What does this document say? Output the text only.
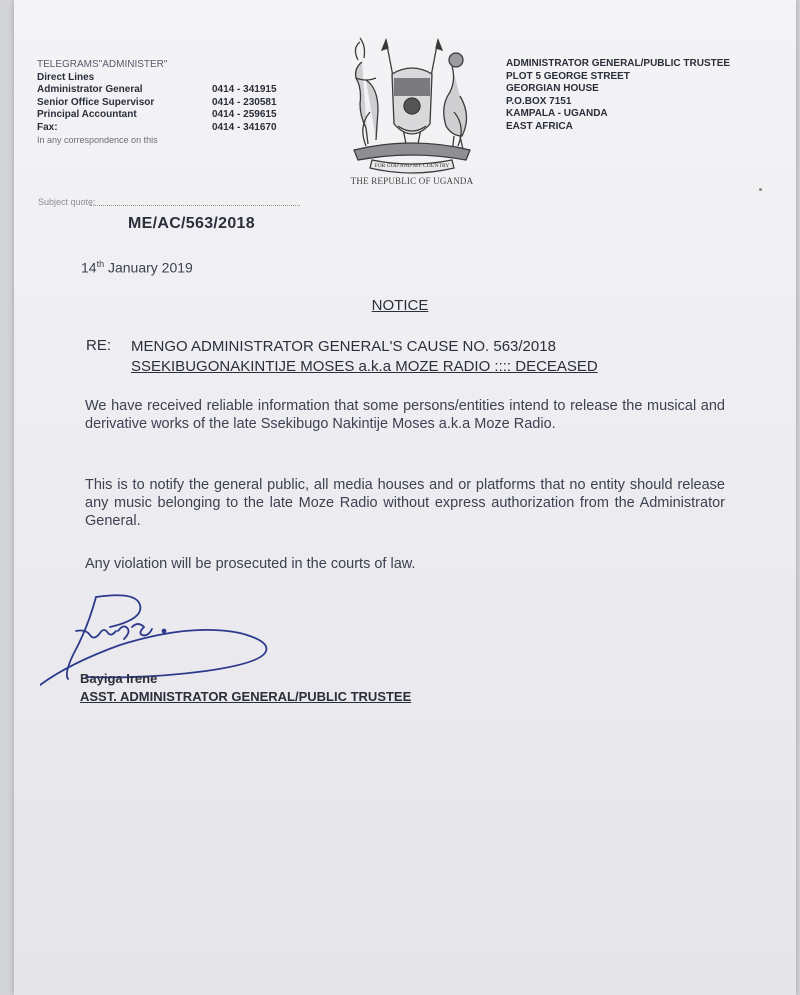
TELEGRAMS"ADMINISTER"
Direct Lines
Administrator General	0414 - 341915
Senior Office Supervisor	0414 - 230581
Principal Accountant	0414 - 259615
Fax:	0414 - 341670
In any correspondence on this
FOR GOD AND MY COUNTRY
THE REPUBLIC OF UGANDA
ADMINISTRATOR GENERAL/PUBLIC TRUSTEE
PLOT 5 GEORGE STREET
GEORGIAN HOUSE
P.O.BOX 7151
KAMPALA - UGANDA
EAST AFRICA
Subject quote:
ME/AC/563/2018
14th January 2019
NOTICE
RE: MENGO ADMINISTRATOR GENERAL'S CAUSE NO. 563/2018
SSEKIBUGONAKINTIJE MOSES a.k.a MOZE RADIO :::: DECEASED
We have received reliable information that some persons/entities intend to release the musical and derivative works of the late Ssekibugo Nakintije Moses a.k.a Moze Radio.
This is to notify the general public, all media houses and or platforms that no entity should release any music belonging to the late Moze Radio without express authorization from the Administrator General.
Any violation will be prosecuted in the courts of law.
Bayiga Irene
ASST. ADMINISTRATOR GENERAL/PUBLIC TRUSTEE
